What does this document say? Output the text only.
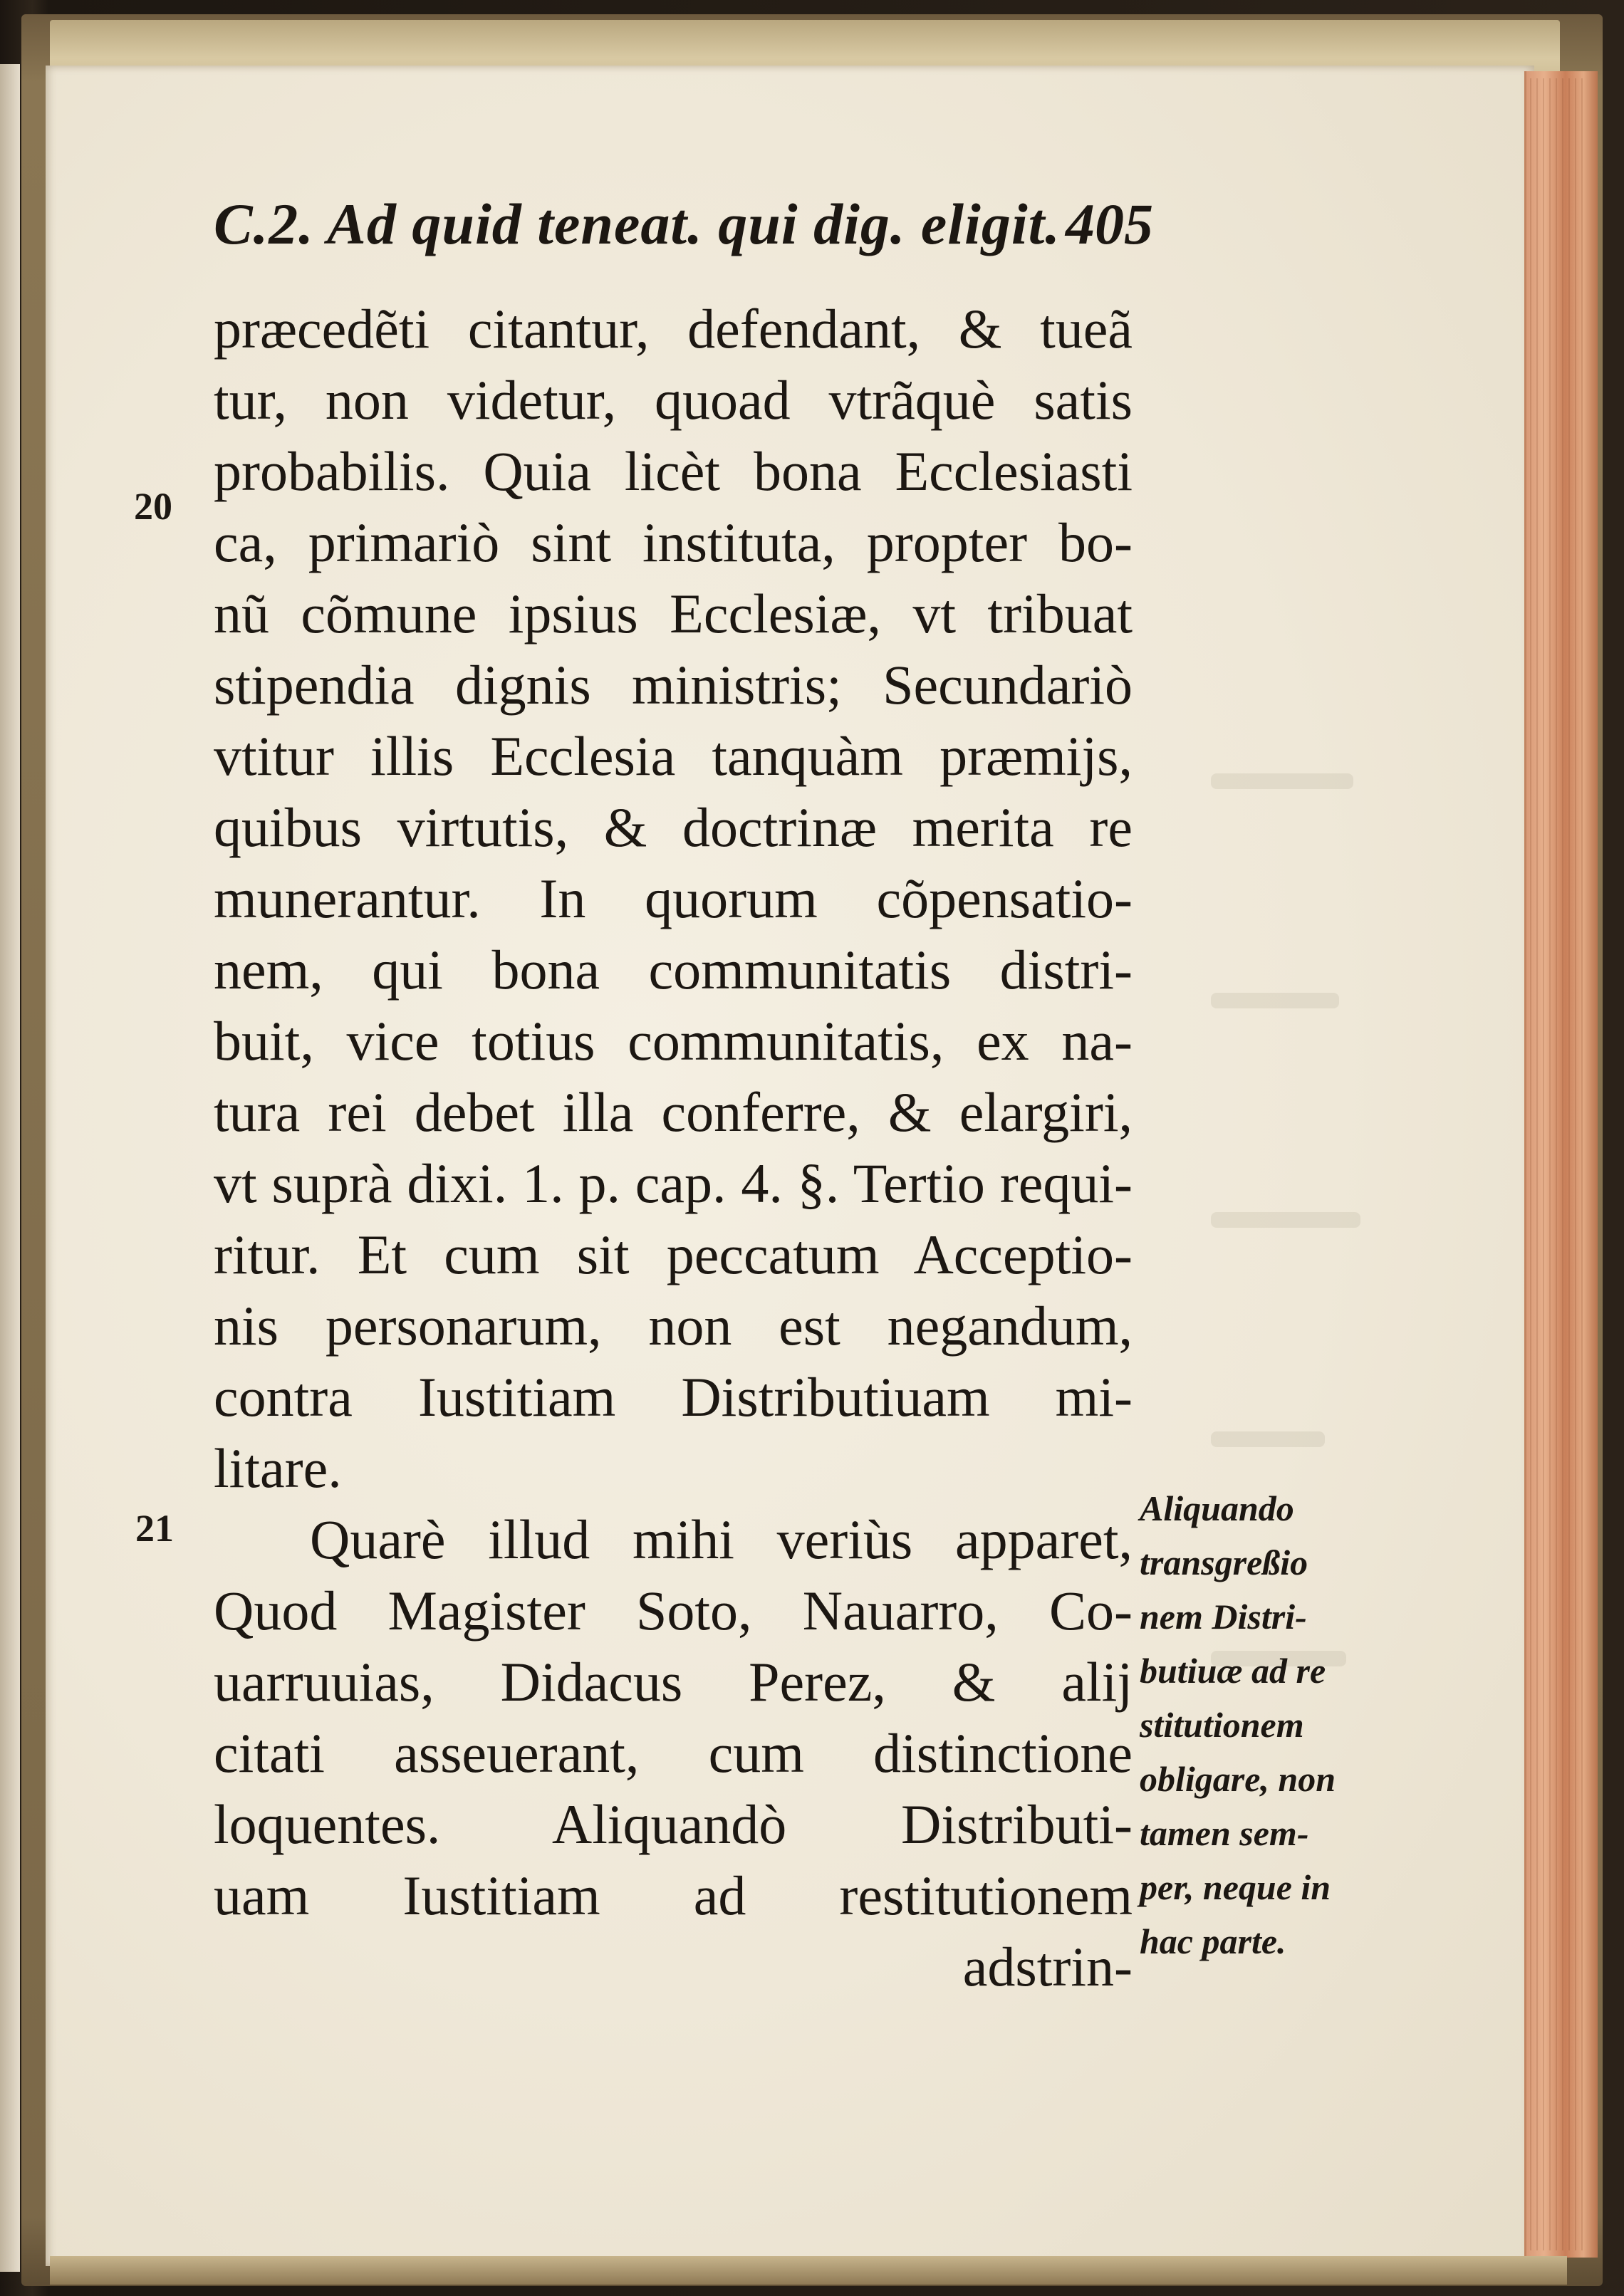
C.2. Ad quid teneat. qui dig. eligit. 405
20
21
præcedẽti citantur, defendant, & tueã
tur, non videtur, quoad vtrãquè satis
probabilis. Quia licèt bona Ecclesiasti
ca, primariò sint instituta, propter bo-
nũ cõmune ipsius Ecclesiæ, vt tribuat
stipendia dignis ministris; Secundariò
vtitur illis Ecclesia tanquàm præmijs,
quibus virtutis, & doctrinæ merita re
munerantur. In quorum cõpensatio-
nem, qui bona communitatis distri-
buit, vice totius communitatis, ex na-
tura rei debet illa conferre, & elargiri,
vt suprà dixi. 1. p. cap. 4. §. Tertio requi-
ritur. Et cum sit peccatum Acceptio-
nis personarum, non est negandum,
contra Iustitiam Distributiuam mi-
litare.
Quarè illud mihi veriùs apparet,
Quod Magister Soto, Nauarro, Co-
uarruuias, Didacus Perez, & alij
citati asseuerant, cum distinctione
loquentes. Aliquandò Distributi-
uam Iustitiam ad restitutionem
adstrin-
Aliquando
transgreßio
nem Distri-
butiuæ ad re
stitutionem
obligare, non
tamen sem-
per, neque in
hac parte.
